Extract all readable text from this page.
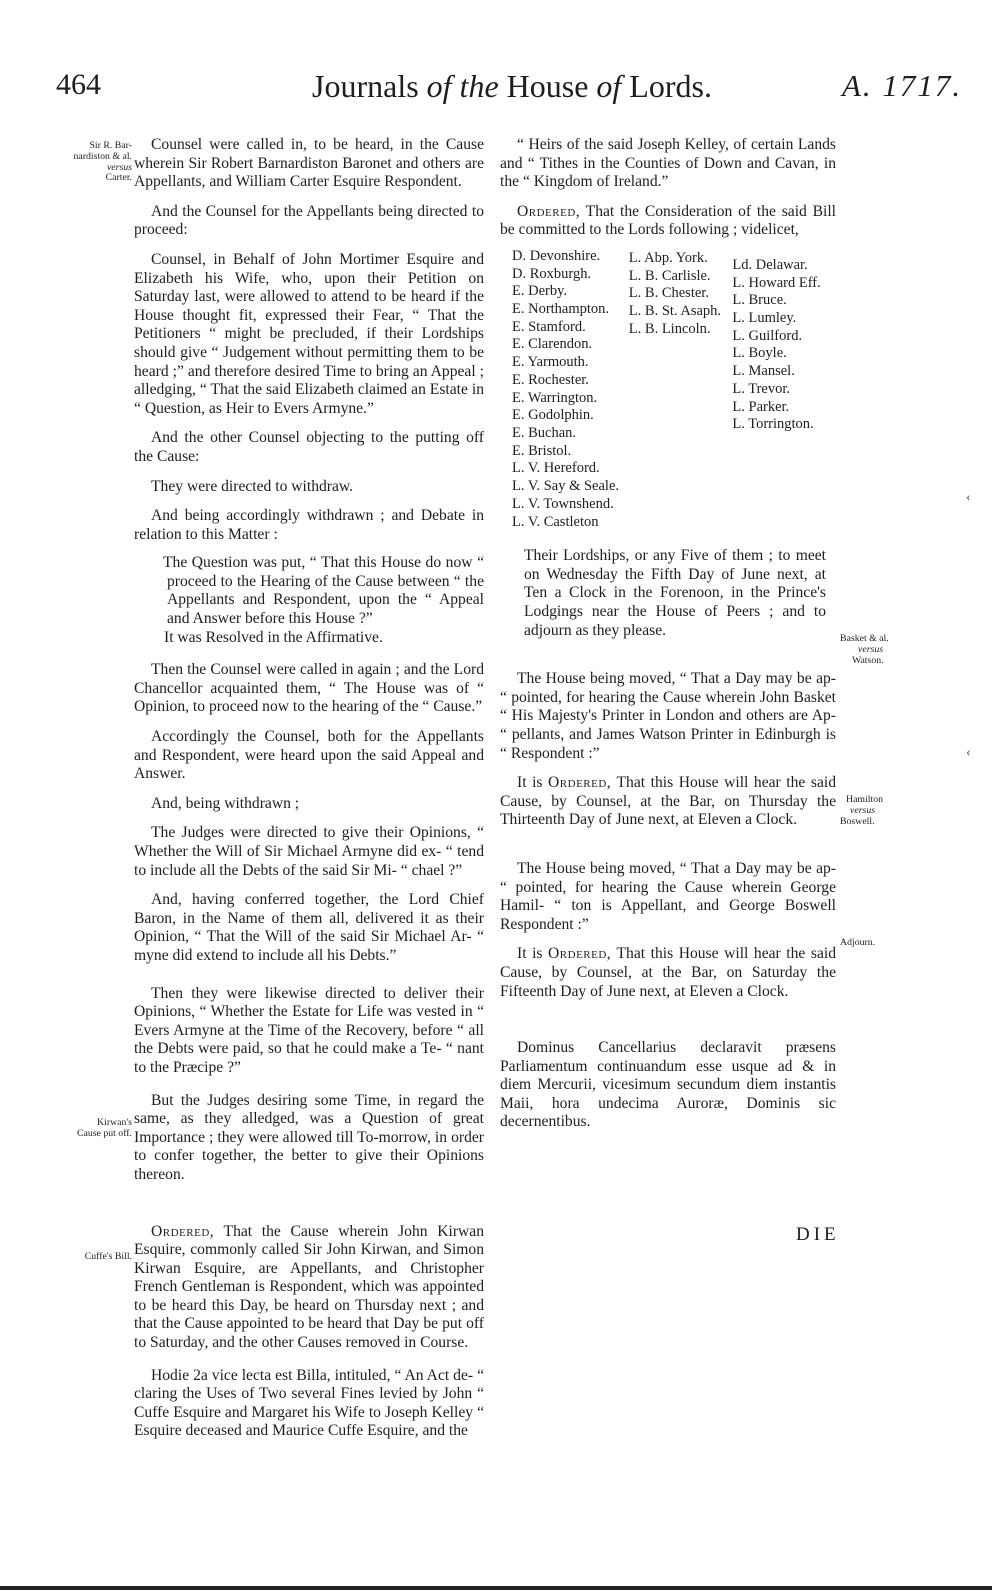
464	Journals of the House of Lords.	A. 1717.
Sir R. Bar-
nardiston & al.
versus
Carter.
Kirwan's
Cause put off.
Cuffe's Bill.
Basket & al.
versus
Watson.
Hamilton
versus
Boswell.
Adjourn.

Counsel were called in, to be heard, in the Cause wherein Sir Robert Barnardiston Baronet and others are Appellants, and William Carter Esquire Respondent.

And the Counsel for the Appellants being directed to proceed:

Counsel, in Behalf of John Mortimer Esquire and Elizabeth his Wife, who, upon their Petition on Saturday last, were allowed to attend to be heard if the House thought fit, expressed their Fear, “ That the Petitioners “ might be precluded, if their Lordships should give “ Judgement without permitting them to be heard ;” and therefore desired Time to bring an Appeal ; alledging, “ That the said Elizabeth claimed an Estate in “ Question, as Heir to Evers Armyne.”

And the other Counsel objecting to the putting off the Cause:

They were directed to withdraw.

And being accordingly withdrawn ; and Debate in relation to this Matter :

The Question was put, “ That this House do now “ proceed to the Hearing of the Cause between “ the Appellants and Respondent, upon the “ Appeal and Answer before this House ?”

It was Resolved in the Affirmative.

Then the Counsel were called in again ; and the Lord Chancellor acquainted them, “ The House was of “ Opinion, to proceed now to the hearing of the “ Cause.”

Accordingly the Counsel, both for the Appellants and Respondent, were heard upon the said Appeal and Answer.

And, being withdrawn ;

The Judges were directed to give their Opinions, “ Whether the Will of Sir Michael Armyne did ex- “ tend to include all the Debts of the said Sir Mi- “ chael ?”

And, having conferred together, the Lord Chief Baron, in the Name of them all, delivered it as their Opinion, “ That the Will of the said Sir Michael Ar- “ myne did extend to include all his Debts.”

Then they were likewise directed to deliver their Opinions, “ Whether the Estate for Life was vested in “ Evers Armyne at the Time of the Recovery, before “ all the Debts were paid, so that he could make a Te- “ nant to the Præcipe ?”

But the Judges desiring some Time, in regard the same, as they alledged, was a Question of great Importance ; they were allowed till To-morrow, in order to confer together, the better to give their Opinions thereon.

Ordered, That the Cause wherein John Kirwan Esquire, commonly called Sir John Kirwan, and Simon Kirwan Esquire, are Appellants, and Christopher French Gentleman is Respondent, which was appointed to be heard this Day, be heard on Thursday next ; and that the Cause appointed to be heard that Day be put off to Saturday, and the other Causes removed in Course.

Hodie 2a vice lecta est Billa, intituled, “ An Act de- “ claring the Uses of Two several Fines levied by John “ Cuffe Esquire and Margaret his Wife to Joseph Kelley “ Esquire deceased and Maurice Cuffe Esquire, and the

“ Heirs of the said Joseph Kelley, of certain Lands and “ Tithes in the Counties of Down and Cavan, in the “ Kingdom of Ireland.”

Ordered, That the Consideration of the said Bill be committed to the Lords following ; videlicet,

D. Devonshire.
D. Roxburgh.
E. Derby.
E. Northampton.
E. Stamford.
E. Clarendon.
E. Yarmouth.
E. Rochester.
E. Warrington.
E. Godolphin.
E. Buchan.
E. Bristol.
L. V. Hereford.
L. V. Say & Seale.
L. V. Townshend.
L. V. Castleton
L. Abp. York.
L. B. Carlisle.
L. B. Chester.
L. B. St. Asaph.
L. B. Lincoln.
Ld. Delawar.
L. Howard Eff.
L. Bruce.
L. Lumley.
L. Guilford.
L. Boyle.
L. Mansel.
L. Trevor.
L. Parker.
L. Torrington.

Their Lordships, or any Five of them ; to meet on Wednesday the Fifth Day of June next, at Ten a Clock in the Forenoon, in the Prince's Lodgings near the House of Peers ; and to adjourn as they please.

The House being moved, “ That a Day may be ap- “ pointed, for hearing the Cause wherein John Basket “ His Majesty's Printer in London and others are Ap- “ pellants, and James Watson Printer in Edinburgh is “ Respondent :”

It is Ordered, That this House will hear the said Cause, by Counsel, at the Bar, on Thursday the Thirteenth Day of June next, at Eleven a Clock.

The House being moved, “ That a Day may be ap- “ pointed, for hearing the Cause wherein George Hamil- “ ton is Appellant, and George Boswell Respondent :”

It is Ordered, That this House will hear the said Cause, by Counsel, at the Bar, on Saturday the Fifteenth Day of June next, at Eleven a Clock.

Dominus Cancellarius declaravit præsens Parliamentum continuandum esse usque ad & in diem Mercurii, vicesimum secundum diem instantis Maii, hora undecima Auroræ, Dominis sic decernentibus.

DIE
‹
‹
